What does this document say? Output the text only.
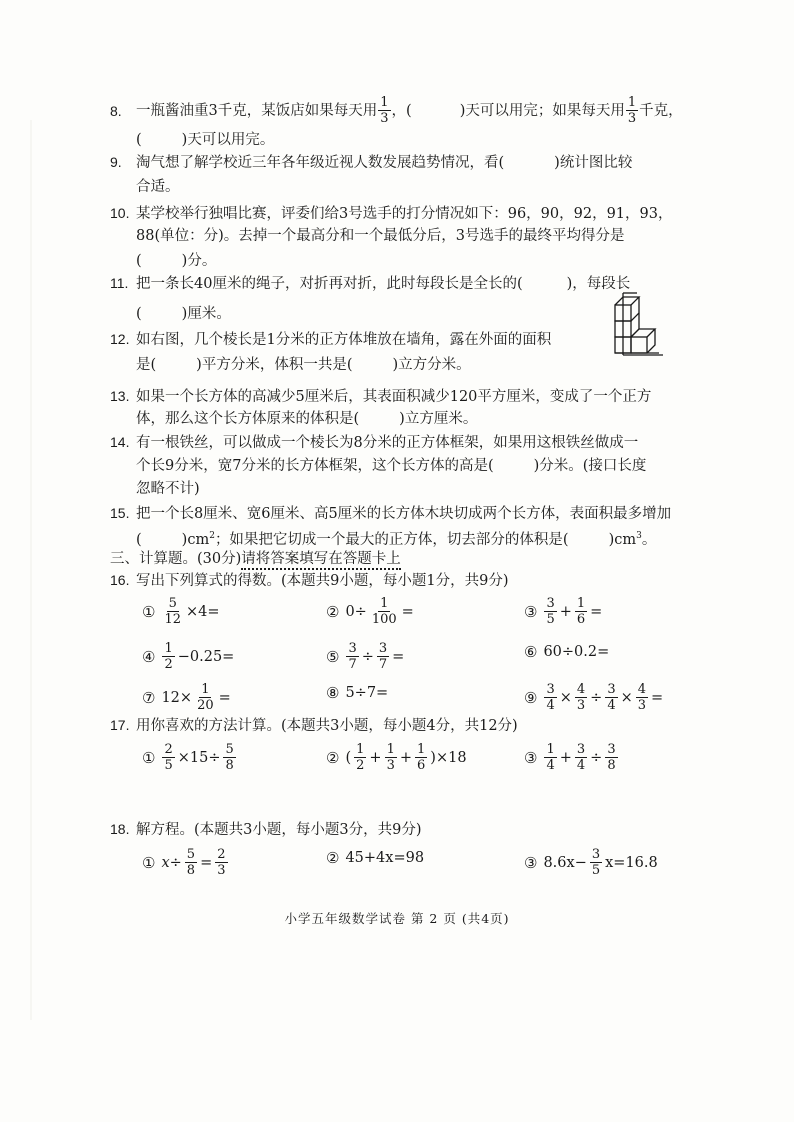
8. 一瓶酱油重3千克，某饭店如果每天用 $\frac{1}{3}$ ，(	)天可以用完；如果每天用 $\frac{1}{3}$ 千克，
(	)天可以用完。
9. 淘气想了解学校近三年各年级近视人数发展趋势情况，看(	)统计图比较
合适。
10. 某学校举行独唱比赛，评委们给3号选手的打分情况如下：96，90，92，91，93，
88(单位：分)。去掉一个最高分和一个最低分后，3号选手的最终平均得分是
(	)分。
11. 把一条长40厘米的绳子，对折再对折，此时每段长是全长的(	)，每段长
(	)厘米。
12. 如右图，几个棱长是1分米的正方体堆放在墙角，露在外面的面积
是(	)平方分米，体积一共是(	)立方分米。
13. 如果一个长方体的高减少5厘米后，其表面积减少120平方厘米，变成了一个正方
体，那么这个长方体原来的体积是(	)立方厘米。
14. 有一根铁丝，可以做成一个棱长为8分米的正方体框架，如果用这根铁丝做成一
个长9分米，宽7分米的长方体框架，这个长方体的高是(	)分米。(接口长度
忽略不计)
15. 把一个长8厘米、宽6厘米、高5厘米的长方体木块切成两个长方体，表面积最多增加
(	)$cm^2$；如果把它切成一个最大的正方体，切去部分的体积是(	)$cm^3$。
三、计算题。(30分)请将答案填写在答题卡上
16. 写出下列算式的得数。(本题共9小题，每小题1分，共9分)
① $\frac{5}{12} \times 4=$	② $0\div \frac{1}{100}$ =	③ $\frac{3}{5} + \frac{1}{6}$ =
④ $\frac{1}{2} -0.25=$	⑤ $\frac{3}{7} \div \frac{3}{7}$ =	⑥ 60÷0.2=
⑦ $12\times \frac{1}{20}$ =	⑧ 5÷7=	⑨ $\frac{3}{4} \times \frac{4}{3} \div \frac{3}{4} \times \frac{4}{3}$ =
17. 用你喜欢的方法计算。(本题共3小题，每小题4分，共12分)
① $\frac{2}{5} \times 15\div \frac{5}{8}$	② ( $\frac{1}{2} + \frac{1}{3} + \frac{1}{6} )\times 18$	③ $\frac{1}{4} + \frac{3}{4} \div \frac{3}{8}$
18. 解方程。(本题共3小题，每小题3分，共9分)
① $x\div \frac{5}{8} = \frac{2}{3}$	② 45+4x=98	③ $8.6x- \frac{3}{5} x=16.8$
小学五年级数学试卷 第 2 页 (共4页)
